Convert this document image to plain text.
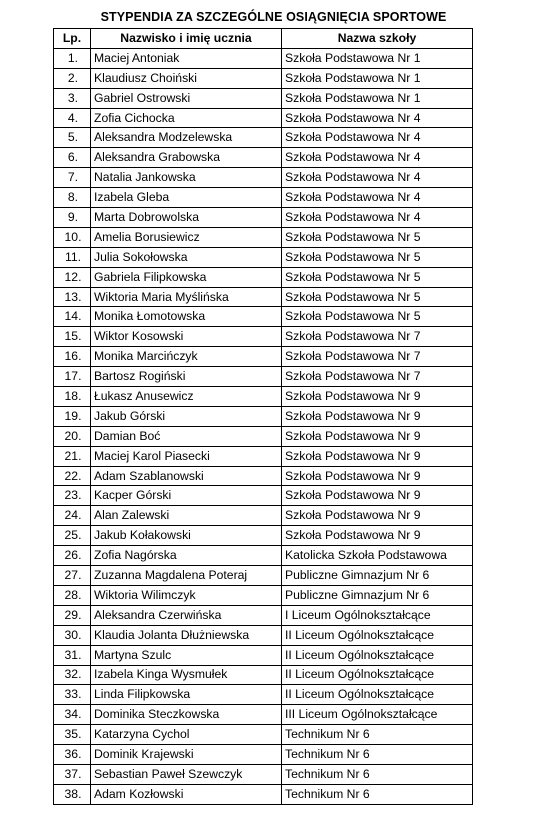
STYPENDIA ZA SZCZEGÓLNE OSIĄGNIĘCIA SPORTOWE
Lp.	Nazwisko i imię ucznia	Nazwa szkoły
1.	Maciej Antoniak	Szkoła Podstawowa Nr 1
2.	Klaudiusz Choiński	Szkoła Podstawowa Nr 1
3.	Gabriel Ostrowski	Szkoła Podstawowa Nr 1
4.	Zofia Cichocka	Szkoła Podstawowa Nr 4
5.	Aleksandra Modzelewska	Szkoła Podstawowa Nr 4
6.	Aleksandra Grabowska	Szkoła Podstawowa Nr 4
7.	Natalia Jankowska	Szkoła Podstawowa Nr 4
8.	Izabela Gleba	Szkoła Podstawowa Nr 4
9.	Marta Dobrowolska	Szkoła Podstawowa Nr 4
10.	Amelia Borusiewicz	Szkoła Podstawowa Nr 5
11.	Julia Sokołowska	Szkoła Podstawowa Nr 5
12.	Gabriela Filipkowska	Szkoła Podstawowa Nr 5
13.	Wiktoria Maria Myślińska	Szkoła Podstawowa Nr 5
14.	Monika Łomotowska	Szkoła Podstawowa Nr 5
15.	Wiktor Kosowski	Szkoła Podstawowa Nr 7
16.	Monika Marcińczyk	Szkoła Podstawowa Nr 7
17.	Bartosz Rogiński	Szkoła Podstawowa Nr 7
18.	Łukasz Anusewicz	Szkoła Podstawowa Nr 9
19.	Jakub Górski	Szkoła Podstawowa Nr 9
20.	Damian Boć	Szkoła Podstawowa Nr 9
21.	Maciej Karol Piasecki	Szkoła Podstawowa Nr 9
22.	Adam Szablanowski	Szkoła Podstawowa Nr 9
23.	Kacper Górski	Szkoła Podstawowa Nr 9
24.	Alan Zalewski	Szkoła Podstawowa Nr 9
25.	Jakub Kołakowski	Szkoła Podstawowa Nr 9
26.	Zofia Nagórska	Katolicka Szkoła Podstawowa
27.	Zuzanna Magdalena Poteraj	Publiczne Gimnazjum Nr 6
28.	Wiktoria Wilimczyk	Publiczne Gimnazjum Nr 6
29.	Aleksandra Czerwińska	I Liceum Ogólnokształcące
30.	Klaudia Jolanta Dłużniewska	II Liceum Ogólnokształcące
31.	Martyna Szulc	II Liceum Ogólnokształcące
32.	Izabela Kinga Wysmułek	II Liceum Ogólnokształcące
33.	Linda Filipkowska	II Liceum Ogólnokształcące
34.	Dominika Steczkowska	III Liceum Ogólnokształcące
35.	Katarzyna Cychol	Technikum Nr 6
36.	Dominik Krajewski	Technikum Nr 6
37.	Sebastian Paweł Szewczyk	Technikum Nr 6
38.	Adam Kozłowski	Technikum Nr 6
